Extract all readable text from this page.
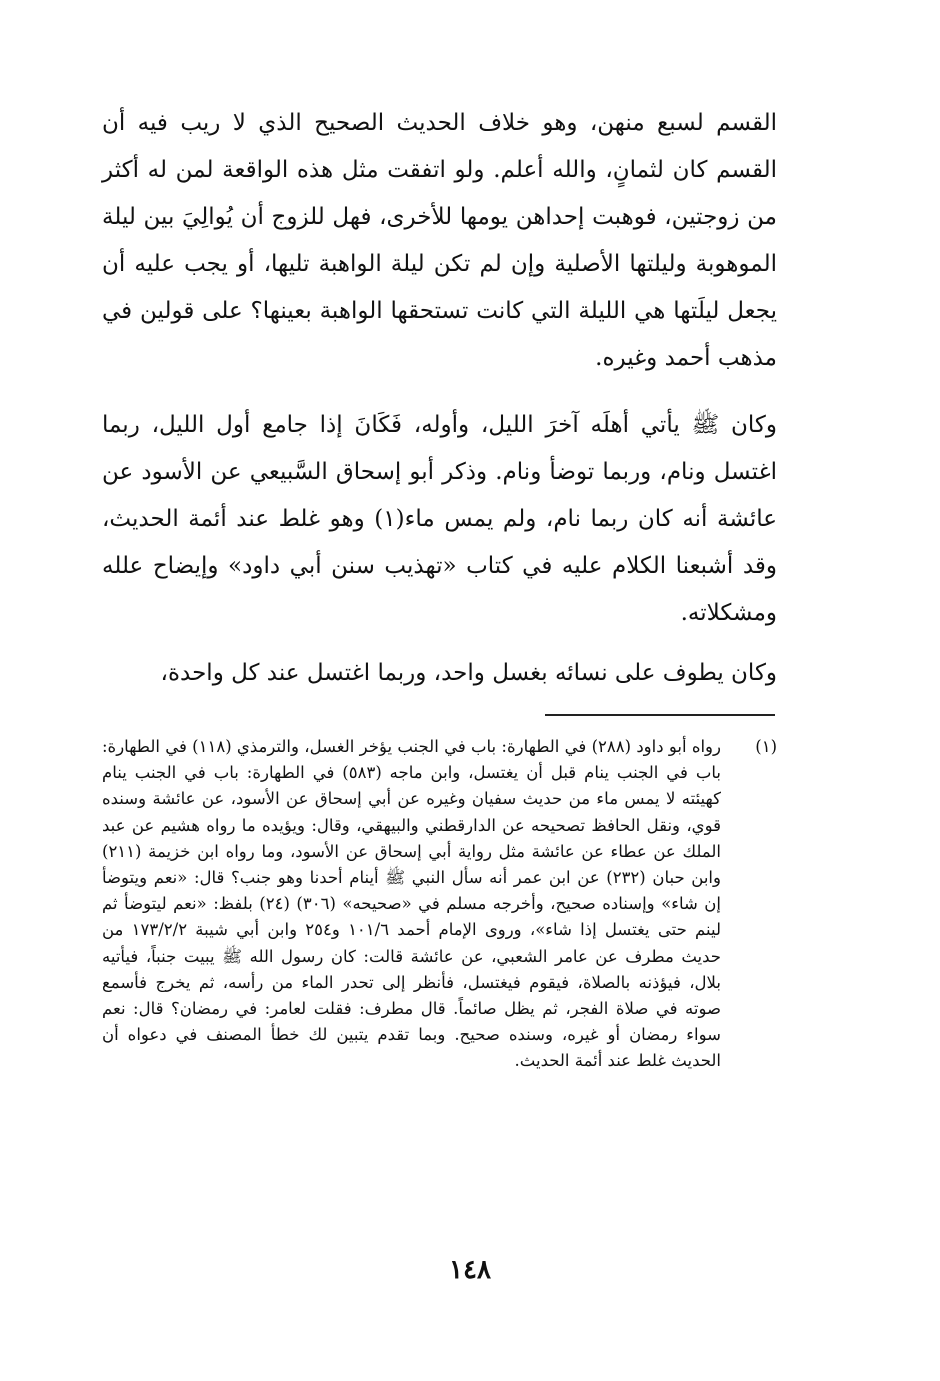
القسم لسبع منهن، وهو خلاف الحديث الصحيح الذي لا ريب فيه أن القسم كان لثمانٍ، والله أعلم. ولو اتفقت مثل هذه الواقعة لمن له أكثر من زوجتين، فوهبت إحداهن يومها للأخرى، فهل للزوج أن يُوالِيَ بين ليلة الموهوبة وليلتها الأصلية وإن لم تكن ليلة الواهبة تليها، أو يجب عليه أن يجعل ليلَتها هي الليلة التي كانت تستحقها الواهبة بعينها؟ على قولين في مذهب أحمد وغيره.

وكان ﷺ يأتي أهلَه آخرَ الليل، وأوله، فَكَانَ إذا جامع أول الليل، ربما اغتسل ونام، وربما توضأ ونام. وذكر أبو إسحاق السَّبيعي عن الأسود عن عائشة أنه كان ربما نام، ولم يمس ماء(١) وهو غلط عند أئمة الحديث، وقد أشبعنا الكلام عليه في كتاب «تهذيب سنن أبي داود» وإيضاح علله ومشكلاته.

وكان يطوف على نسائه بغسل واحد، وربما اغتسل عند كل واحدة،

(١)
رواه أبو داود (٢٨٨) في الطهارة: باب في الجنب يؤخر الغسل، والترمذي (١١٨) في الطهارة: باب في الجنب ينام قبل أن يغتسل، وابن ماجه (٥٨٣) في الطهارة: باب في الجنب ينام كهيئته لا يمس ماء من حديث سفيان وغيره عن أبي إسحاق عن الأسود، عن عائشة وسنده قوي، ونقل الحافظ تصحيحه عن الدارقطني والبيهقي، وقال: ويؤيده ما رواه هشيم عن عبد الملك عن عطاء عن عائشة مثل رواية أبي إسحاق عن الأسود، وما رواه ابن خزيمة (٢١١) وابن حبان (٢٣٢) عن ابن عمر أنه سأل النبي ﷺ أينام أحدنا وهو جنب؟ قال: «نعم ويتوضأ إن شاء» وإسناده صحيح، وأخرجه مسلم في «صحيحه» (٣٠٦) (٢٤) بلفظ: «نعم ليتوضأ ثم لينم حتى يغتسل إذا شاء»، وروى الإمام أحمد ١٠١/٦ و٢٥٤ وابن أبي شيبة ١٧٣/٢/٢ من حديث مطرف عن عامر الشعبي، عن عائشة قالت: كان رسول الله ﷺ يبيت جنباً، فيأتيه بلال، فيؤذنه بالصلاة، فيقوم فيغتسل، فأنظر إلى تحدر الماء من رأسه، ثم يخرج فأسمع صوته في صلاة الفجر، ثم يظل صائماً. قال مطرف: فقلت لعامر: في رمضان؟ قال: نعم سواء رمضان أو غيره، وسنده صحيح. وبما تقدم يتبين لك خطأ المصنف في دعواه أن الحديث غلط عند أئمة الحديث.
١٤٨
